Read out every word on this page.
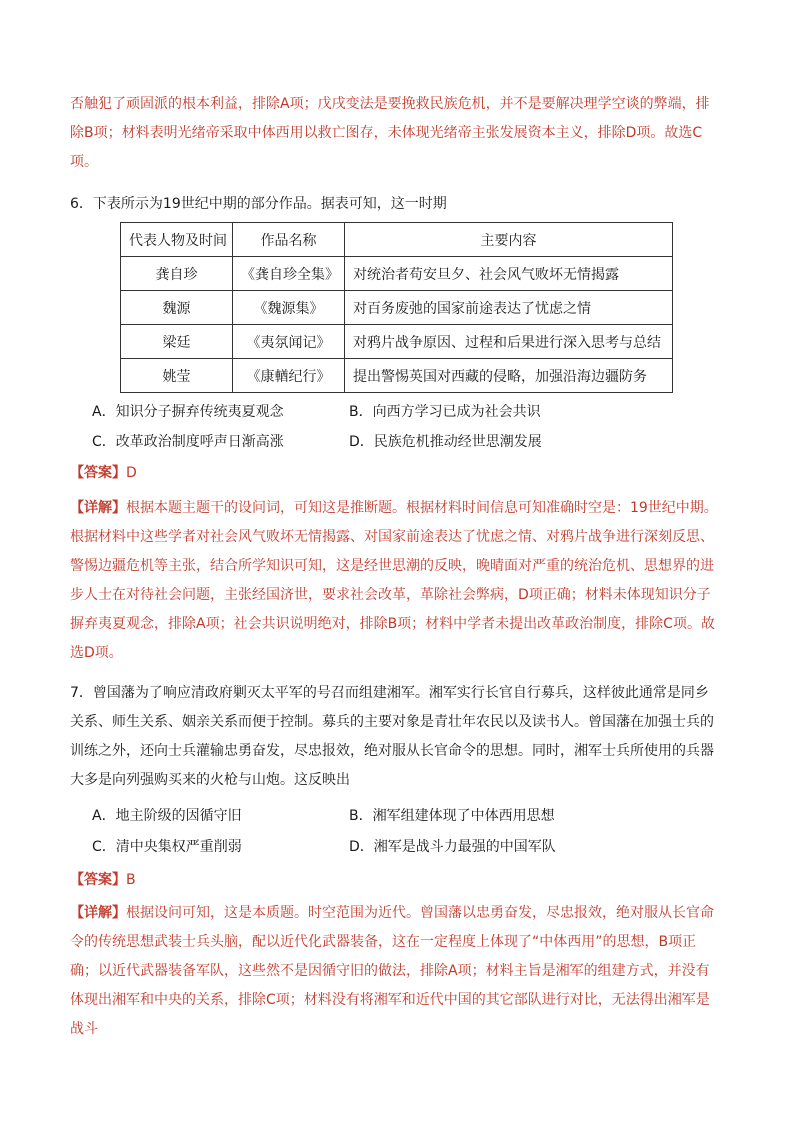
否触犯了顽固派的根本利益，排除A项；戊戌变法是要挽救民族危机，并不是要解决理学空谈的弊端，排除B项；材料表明光绪帝采取中体西用以救亡图存，未体现光绪帝主张发展资本主义，排除D项。故选C项。

6．下表所示为19世纪中期的部分作品。据表可知，这一时期

代表人物及时间	作品名称	主要内容
龚自珍	《龚自珍全集》	对统治者苟安旦夕、社会风气败坏无情揭露
魏源	《魏源集》	对百务废弛的国家前途表达了忧虑之情
梁廷	《夷氛闻记》	对鸦片战争原因、过程和后果进行深入思考与总结
姚莹	《康輶纪行》	提出警惕英国对西藏的侵略，加强沿海边疆防务
A．知识分子摒弃传统夷夏观念	B．向西方学习已成为社会共识
C．改革政治制度呼声日渐高涨	D．民族危机推动经世思潮发展

【答案】D

【详解】根据本题主题干的设问词，可知这是推断题。根据材料时间信息可知准确时空是：19世纪中期。根据材料中这些学者对社会风气败坏无情揭露、对国家前途表达了忧虑之情、对鸦片战争进行深刻反思、警惕边疆危机等主张，结合所学知识可知，这是经世思潮的反映，晚晴面对严重的统治危机、思想界的进步人士在对待社会问题，主张经国济世，要求社会改革，革除社会弊病，D项正确；材料未体现知识分子摒弃夷夏观念，排除A项；社会共识说明绝对，排除B项；材料中学者未提出改革政治制度，排除C项。故选D项。

7．曾国藩为了响应清政府剿灭太平军的号召而组建湘军。湘军实行长官自行募兵，这样彼此通常是同乡关系、师生关系、姻亲关系而便于控制。募兵的主要对象是青壮年农民以及读书人。曾国藩在加强士兵的训练之外，还向士兵灌输忠勇奋发，尽忠报效，绝对服从长官命令的思想。同时，湘军士兵所使用的兵器大多是向列强购买来的火枪与山炮。这反映出

A．地主阶级的因循守旧	B．湘军组建体现了中体西用思想
C．清中央集权严重削弱	D．湘军是战斗力最强的中国军队

【答案】B

【详解】根据设问可知，这是本质题。时空范围为近代。曾国藩以忠勇奋发，尽忠报效，绝对服从长官命令的传统思想武装士兵头脑，配以近代化武器装备，这在一定程度上体现了“中体西用”的思想，B项正确；以近代武器装备军队，这些然不是因循守旧的做法，排除A项；材料主旨是湘军的组建方式，并没有体现出湘军和中央的关系，排除C项；材料没有将湘军和近代中国的其它部队进行对比，无法得出湘军是战斗
